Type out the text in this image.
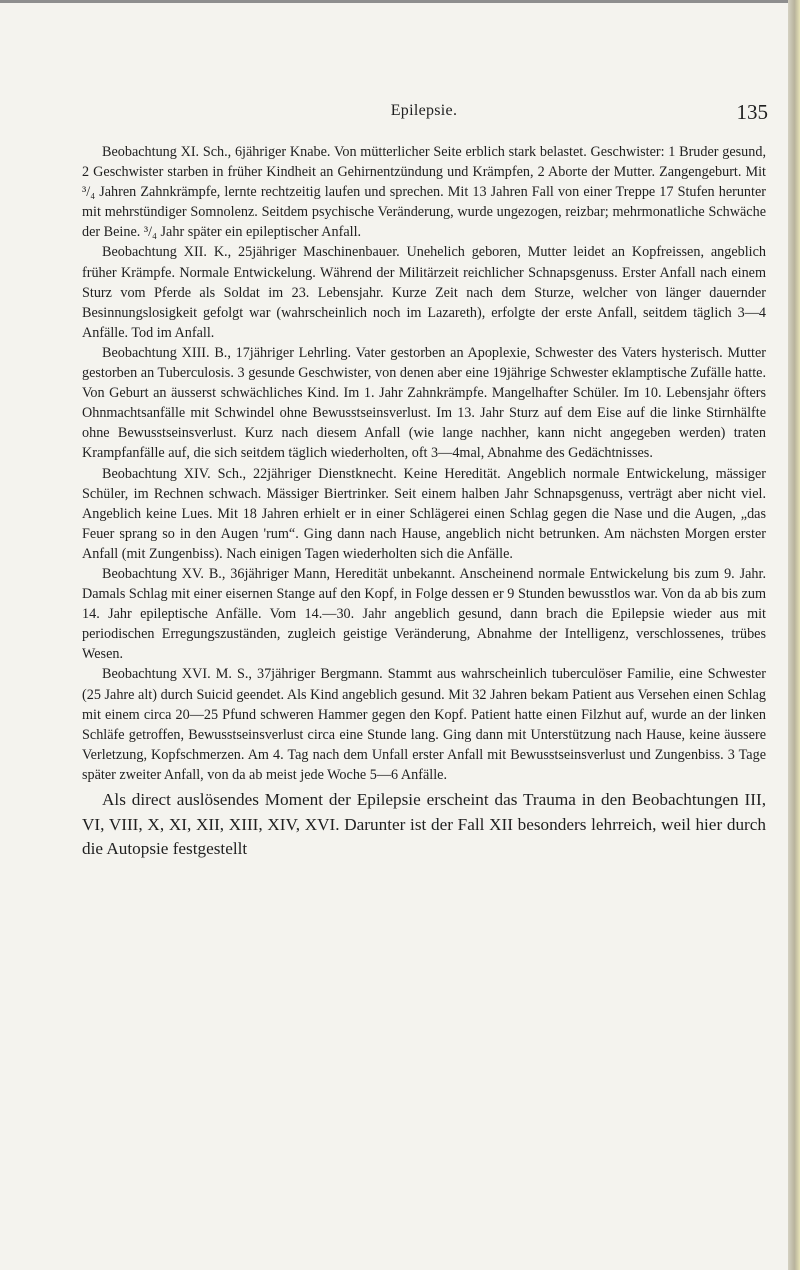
Epilepsie.	135

Beobachtung XI. Sch., 6jähriger Knabe. Von mütterlicher Seite erblich stark belastet. Geschwister: 1 Bruder gesund, 2 Geschwister starben in früher Kindheit an Gehirnentzündung und Krämpfen, 2 Aborte der Mutter. Zangengeburt. Mit ³/₄ Jahren Zahnkrämpfe, lernte rechtzeitig laufen und sprechen. Mit 13 Jahren Fall von einer Treppe 17 Stufen herunter mit mehrstündiger Somnolenz. Seitdem psychische Veränderung, wurde ungezogen, reizbar; mehrmonatliche Schwäche der Beine. ³/₄ Jahr später ein epileptischer Anfall.

Beobachtung XII. K., 25jähriger Maschinenbauer. Unehelich geboren, Mutter leidet an Kopfreissen, angeblich früher Krämpfe. Normale Entwickelung. Während der Militärzeit reichlicher Schnapsgenuss. Erster Anfall nach einem Sturz vom Pferde als Soldat im 23. Lebensjahr. Kurze Zeit nach dem Sturze, welcher von länger dauernder Besinnungslosigkeit gefolgt war (wahrscheinlich noch im Lazareth), erfolgte der erste Anfall, seitdem täglich 3—4 Anfälle. Tod im Anfall.

Beobachtung XIII. B., 17jähriger Lehrling. Vater gestorben an Apoplexie, Schwester des Vaters hysterisch. Mutter gestorben an Tuberculosis. 3 gesunde Geschwister, von denen aber eine 19jährige Schwester eklamptische Zufälle hatte. Von Geburt an äusserst schwächliches Kind. Im 1. Jahr Zahnkrämpfe. Mangelhafter Schüler. Im 10. Lebensjahr öfters Ohnmachtsanfälle mit Schwindel ohne Bewusstseinsverlust. Im 13. Jahr Sturz auf dem Eise auf die linke Stirnhälfte ohne Bewusstseinsverlust. Kurz nach diesem Anfall (wie lange nachher, kann nicht angegeben werden) traten Krampfanfälle auf, die sich seitdem täglich wiederholten, oft 3—4mal, Abnahme des Gedächtnisses.

Beobachtung XIV. Sch., 22jähriger Dienstknecht. Keine Heredität. Angeblich normale Entwickelung, mässiger Schüler, im Rechnen schwach. Mässiger Biertrinker. Seit einem halben Jahr Schnapsgenuss, verträgt aber nicht viel. Angeblich keine Lues. Mit 18 Jahren erhielt er in einer Schlägerei einen Schlag gegen die Nase und die Augen, „das Feuer sprang so in den Augen 'rum“. Ging dann nach Hause, angeblich nicht betrunken. Am nächsten Morgen erster Anfall (mit Zungenbiss). Nach einigen Tagen wiederholten sich die Anfälle.

Beobachtung XV. B., 36jähriger Mann, Heredität unbekannt. Anscheinend normale Entwickelung bis zum 9. Jahr. Damals Schlag mit einer eisernen Stange auf den Kopf, in Folge dessen er 9 Stunden bewusstlos war. Von da ab bis zum 14. Jahr epileptische Anfälle. Vom 14.—30. Jahr angeblich gesund, dann brach die Epilepsie wieder aus mit periodischen Erregungszuständen, zugleich geistige Veränderung, Abnahme der Intelligenz, verschlossenes, trübes Wesen.

Beobachtung XVI. M. S., 37jähriger Bergmann. Stammt aus wahrscheinlich tuberculöser Familie, eine Schwester (25 Jahre alt) durch Suicid geendet. Als Kind angeblich gesund. Mit 32 Jahren bekam Patient aus Versehen einen Schlag mit einem circa 20—25 Pfund schweren Hammer gegen den Kopf. Patient hatte einen Filzhut auf, wurde an der linken Schläfe getroffen, Bewusstseinsverlust circa eine Stunde lang. Ging dann mit Unterstützung nach Hause, keine äussere Verletzung, Kopfschmerzen. Am 4. Tag nach dem Unfall erster Anfall mit Bewusstseinsverlust und Zungenbiss. 3 Tage später zweiter Anfall, von da ab meist jede Woche 5—6 Anfälle.

Als direct auslösendes Moment der Epilepsie erscheint das Trauma in den Beobachtungen III, VI, VIII, X, XI, XII, XIII, XIV, XVI. Darunter ist der Fall XII besonders lehrreich, weil hier durch die Autopsie festgestellt
